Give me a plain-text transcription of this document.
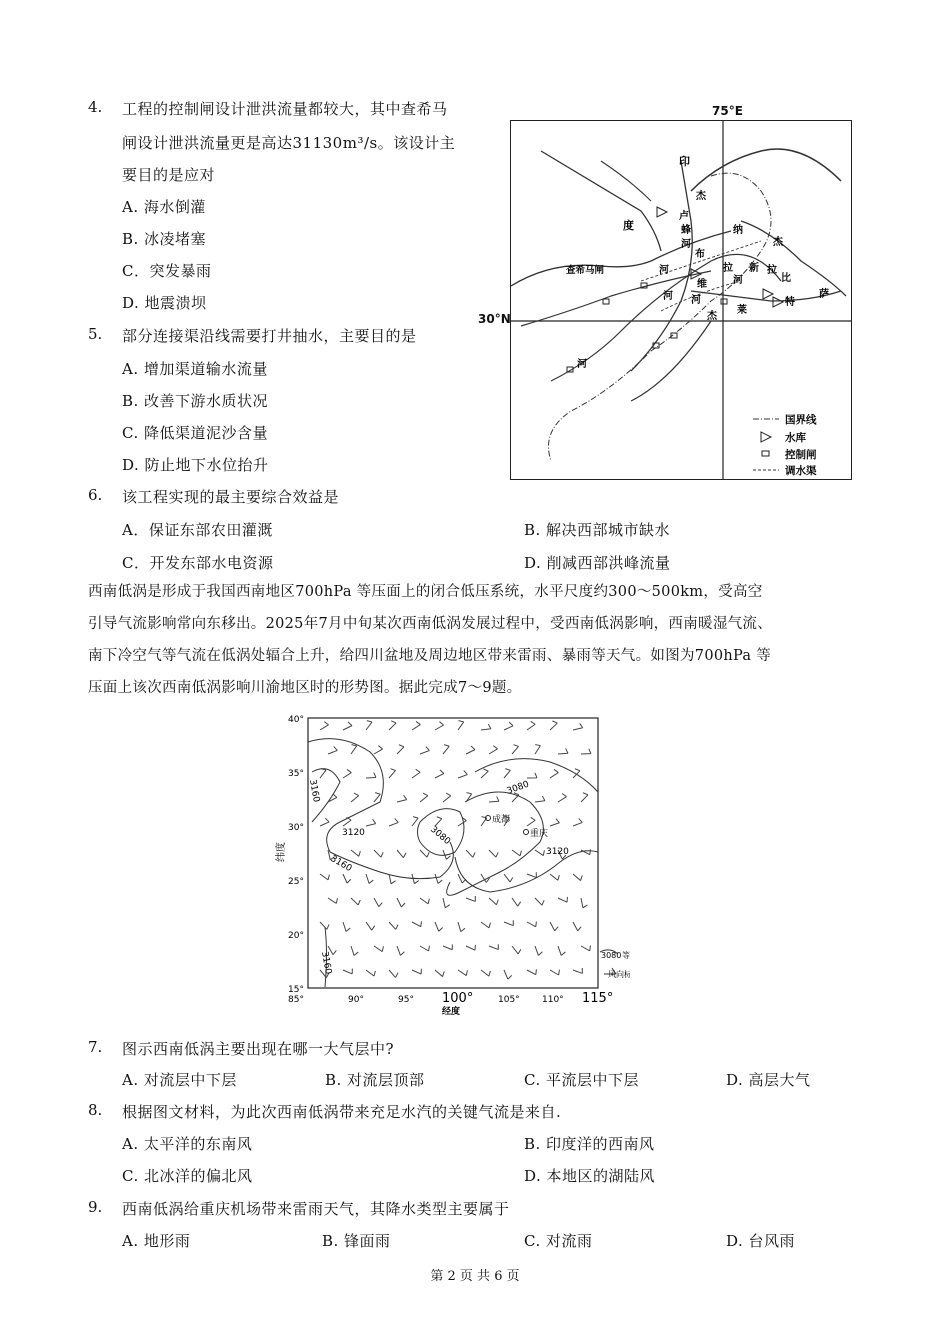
4. 工程的控制闸设计泄洪流量都较大，其中查希马
闸设计泄洪流量更是高达31130m³/s。该设计主
要目的是应对
A. 海水倒灌
B. 冰凌堵塞
C．突发暴雨
D. 地震溃坝
5. 部分连接渠沿线需要打井抽水，主要目的是
A. 增加渠道输水流量
B. 改善下游水质状况
C. 降低渠道泥沙含量
D. 防止地下水位抬升
6. 该工程实现的最主要综合效益是
A．保证东部农田灌溉	B. 解决西部城市缺水
C．开发东部水电资源	D. 削减西部洪峰流量
印
度
杰
卢
蜂
河
布
纳
杰
查希马闸	河
维
拉
河
新 拉
比
河 河
杰
莱
特
萨
河
国界线
水库
控制闸
调水渠
75°E
30°N

西南低涡是形成于我国西南地区700hPa 等压面上的闭合低压系统，水平尺度约300～500km，受高空

引导气流影响常向东移出。2025年7月中旬某次西南低涡发展过程中，受西南低涡影响，西南暖湿气流、

南下冷空气等气流在低涡处辐合上升，给四川盆地及周边地区带来雷雨、暴雨等天气。如图为700hPa 等

压面上该次西南低涡影响川渝地区时的形势图。据此完成7～9题。

3160
3120
3160
3080
3080
3120
3160
成都
重庆
40°
35°
30°
25°
20°
15°
纬度
85°	90°	95° 100°	105° 110° 115°
经度
3080 等
风向标
7. 图示西南低涡主要出现在哪一大气层中?
A. 对流层中下层	B. 对流层顶部	C. 平流层中下层	D. 高层大气
8. 根据图文材料，为此次西南低涡带来充足水汽的关键气流是来自.
A. 太平洋的东南风	B. 印度洋的西南风
C. 北冰洋的偏北风	D. 本地区的湖陆风
9. 西南低涡给重庆机场带来雷雨天气，其降水类型主要属于
A. 地形雨	B. 锋面雨	C. 对流雨	D. 台风雨
第 2 页 共 6 页
